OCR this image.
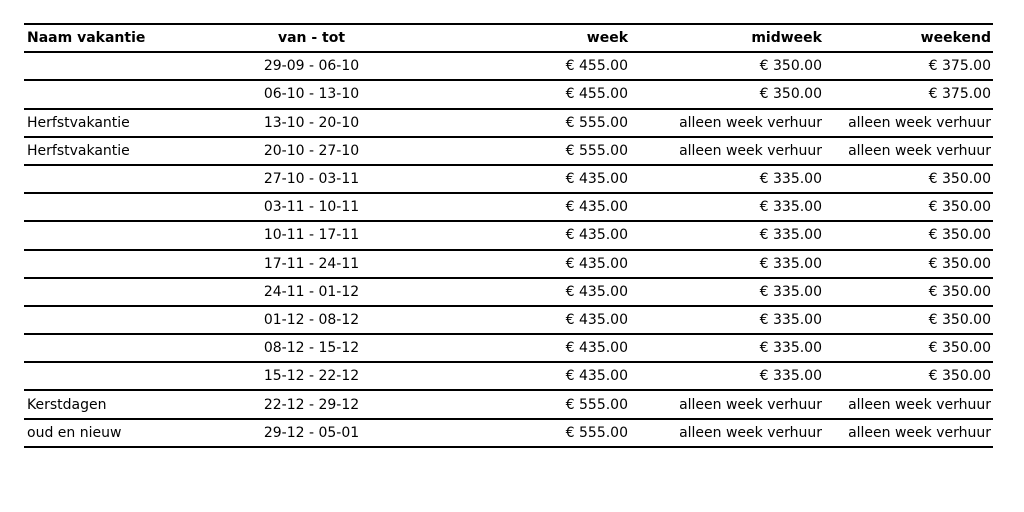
Naam vakantie	van - tot	week	midweek	weekend
	29-09 - 06-10	€ 455.00	€ 350.00	€ 375.00
	06-10 - 13-10	€ 455.00	€ 350.00	€ 375.00
Herfstvakantie	13-10 - 20-10	€ 555.00	alleen week verhuur	alleen week verhuur
Herfstvakantie	20-10 - 27-10	€ 555.00	alleen week verhuur	alleen week verhuur
	27-10 - 03-11	€ 435.00	€ 335.00	€ 350.00
	03-11 - 10-11	€ 435.00	€ 335.00	€ 350.00
	10-11 - 17-11	€ 435.00	€ 335.00	€ 350.00
	17-11 - 24-11	€ 435.00	€ 335.00	€ 350.00
	24-11 - 01-12	€ 435.00	€ 335.00	€ 350.00
	01-12 - 08-12	€ 435.00	€ 335.00	€ 350.00
	08-12 - 15-12	€ 435.00	€ 335.00	€ 350.00
	15-12 - 22-12	€ 435.00	€ 335.00	€ 350.00
Kerstdagen	22-12 - 29-12	€ 555.00	alleen week verhuur	alleen week verhuur
oud en nieuw	29-12 - 05-01	€ 555.00	alleen week verhuur	alleen week verhuur
